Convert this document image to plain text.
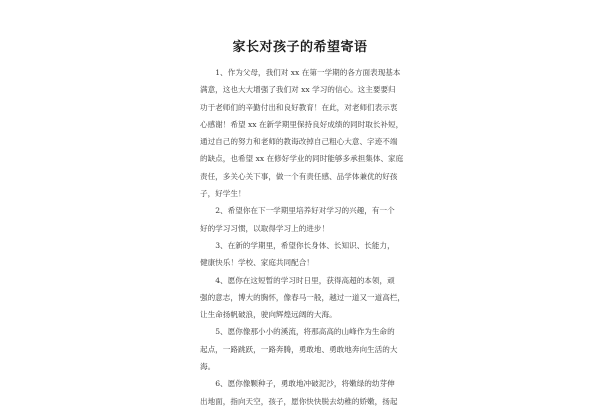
家长对孩子的希望寄语

1、作为父母，我们对 xx 在第一学期的各方面表现基本

满意，这也大大增强了我们对 xx 学习的信心。这主要要归

功于老师们的辛勤付出和良好教育！在此，对老师们表示衷

心感谢！希望 xx 在新学期里保持良好成绩的同时取长补短，

通过自己的努力和老师的教诲改掉自己粗心大意、字迹不端

的缺点，也希望 xx 在修好学业的同时能够多承担集体、家庭

责任，多关心关下事，做一个有责任感、品学体兼优的好孩

子，好学生！

2、希望你在下一学期里培养好对学习的兴趣，有一个

好的学习习惯，以取得学习上的进步！

3、在新的学期里，希望你长身体、长知识、长能力，

健康快乐！学校、家庭共同配合！

4、愿你在这短暂的学习时日里，获得高超的本领，顽

强的意志，博大的胸怀，像春马一般，越过一道又一道高栏，

让生命扬帆破浪，驶向辉煌远阔的大海。

5、愿你像那小小的溪流，将那高高的山峰作为生命的

起点，一路跳跃，一路奔腾，勇敢地、勇敢地奔向生活的大

海。

6、愿你像颗种子，勇敢地冲破泥沙，将嫩绿的幼芽伸

出地面，指向天空，孩子，愿你快快脱去幼稚的娇嫩，扬起
